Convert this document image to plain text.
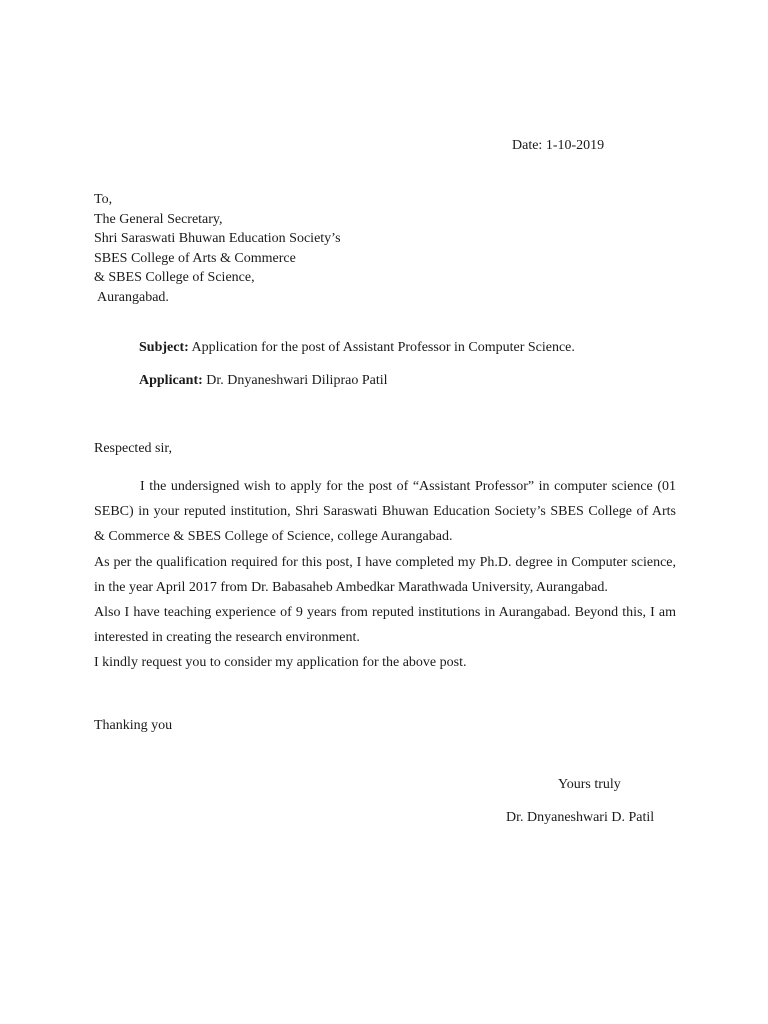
Date: 1-10-2019
To,
The General Secretary,
Shri Saraswati Bhuwan Education Society’s
SBES College of Arts & Commerce
& SBES College of Science,
Aurangabad.
Subject: Application for the post of Assistant Professor in Computer Science.
Applicant: Dr. Dnyaneshwari Diliprao Patil
Respected sir,

I the undersigned wish to apply for the post of “Assistant Professor” in computer science (01 SEBC) in your reputed institution, Shri Saraswati Bhuwan Education Society’s SBES College of Arts & Commerce & SBES College of Science, college Aurangabad.

As per the qualification required for this post, I have completed my Ph.D. degree in Computer science, in the year April 2017 from Dr. Babasaheb Ambedkar Marathwada University, Aurangabad.

Also I have teaching experience of 9 years from reputed institutions in Aurangabad. Beyond this, I am interested in creating the research environment.

I kindly request you to consider my application for the above post.

Thanking you
Yours truly
Dr. Dnyaneshwari D. Patil
